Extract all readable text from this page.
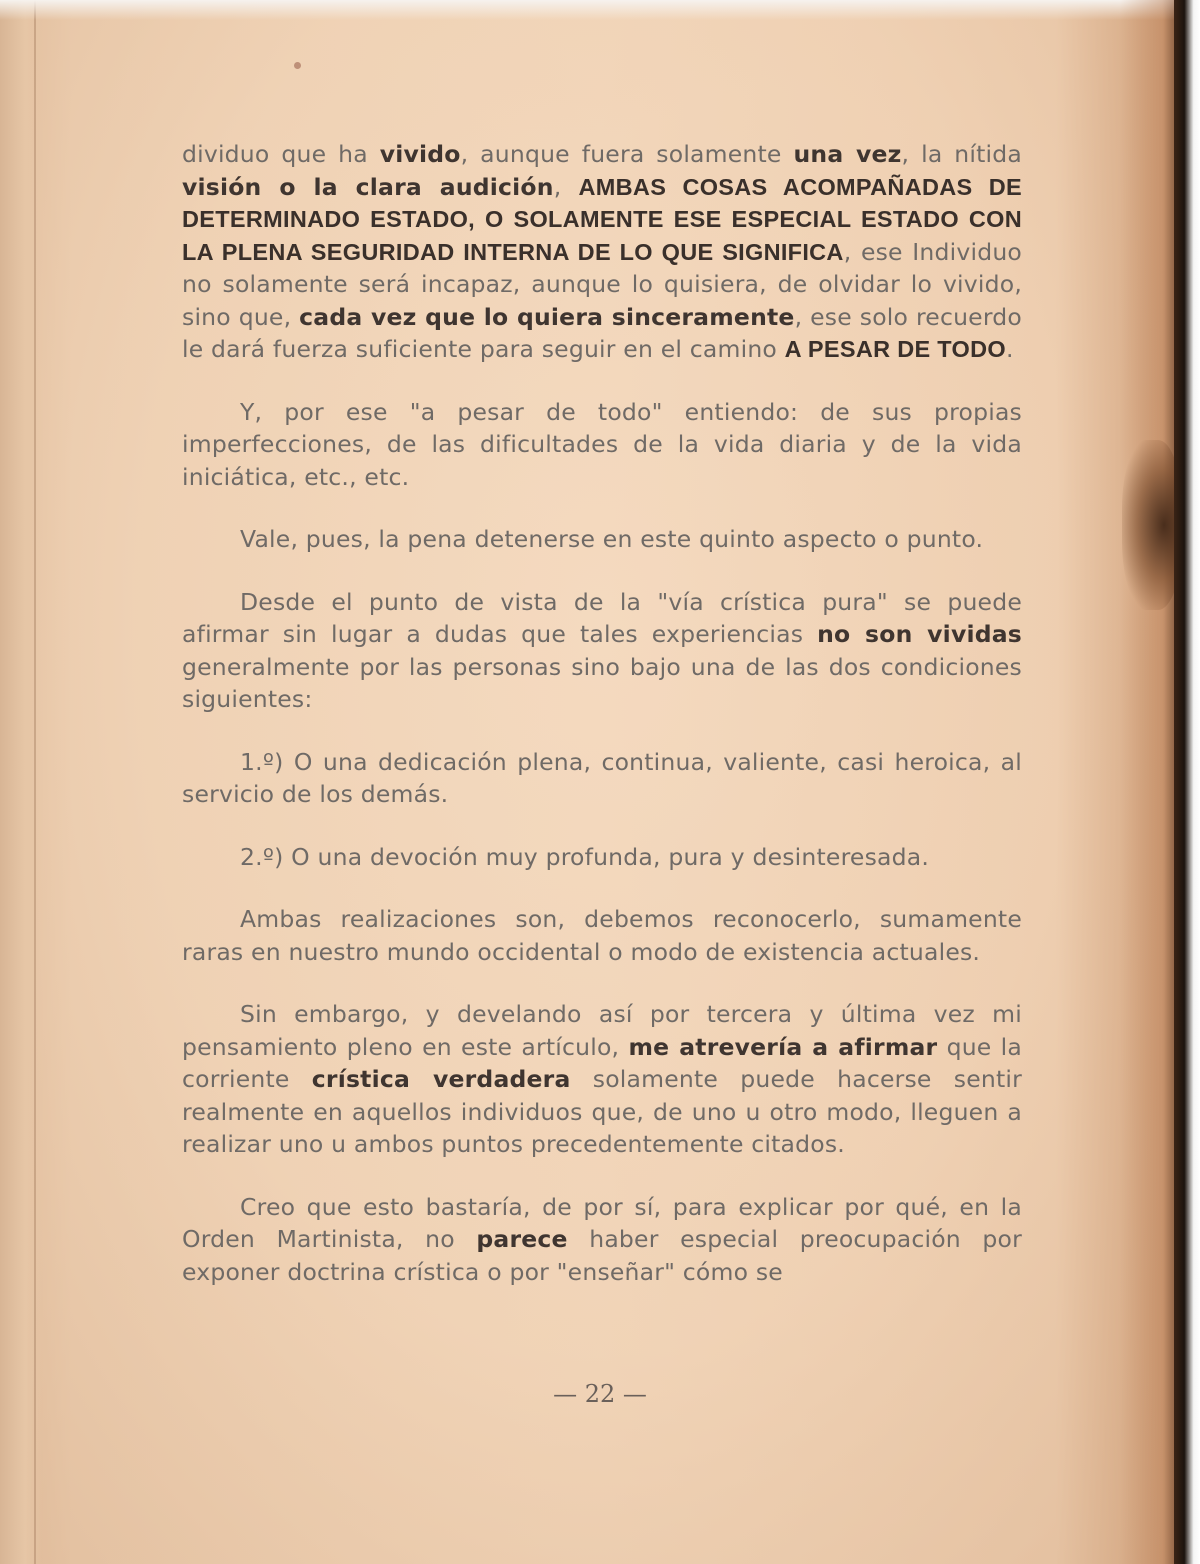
dividuo que ha vivido, aunque fuera solamente una vez, la nítida visión o la clara audición, AMBAS COSAS ACOMPAÑADAS DE DETERMINADO ESTADO, O SOLAMENTE ESE ESPECIAL ESTADO CON LA PLENA SEGURIDAD INTERNA DE LO QUE SIGNIFICA, ese Individuo no solamente será incapaz, aunque lo quisiera, de olvidar lo vivido, sino que, cada vez que lo quiera sinceramente, ese solo recuerdo le dará fuerza suficiente para seguir en el camino A PESAR DE TODO.

Y, por ese "a pesar de todo" entiendo: de sus propias imperfecciones, de las dificultades de la vida diaria y de la vida iniciática, etc., etc.

Vale, pues, la pena detenerse en este quinto aspecto o punto.

Desde el punto de vista de la "vía crística pura" se puede afirmar sin lugar a dudas que tales experiencias no son vividas generalmente por las personas sino bajo una de las dos condiciones siguientes:

1.º) O una dedicación plena, continua, valiente, casi heroica, al servicio de los demás.

2.º) O una devoción muy profunda, pura y desinteresada.

Ambas realizaciones son, debemos reconocerlo, sumamente raras en nuestro mundo occidental o modo de existencia actuales.

Sin embargo, y develando así por tercera y última vez mi pensamiento pleno en este artículo, me atrevería a afirmar que la corriente crística verdadera solamente puede hacerse sentir realmente en aquellos individuos que, de uno u otro modo, lleguen a realizar uno u ambos puntos precedentemente citados.

Creo que esto bastaría, de por sí, para explicar por qué, en la Orden Martinista, no parece haber especial preocupación por exponer doctrina crística o por "enseñar" cómo se

— 22 —
